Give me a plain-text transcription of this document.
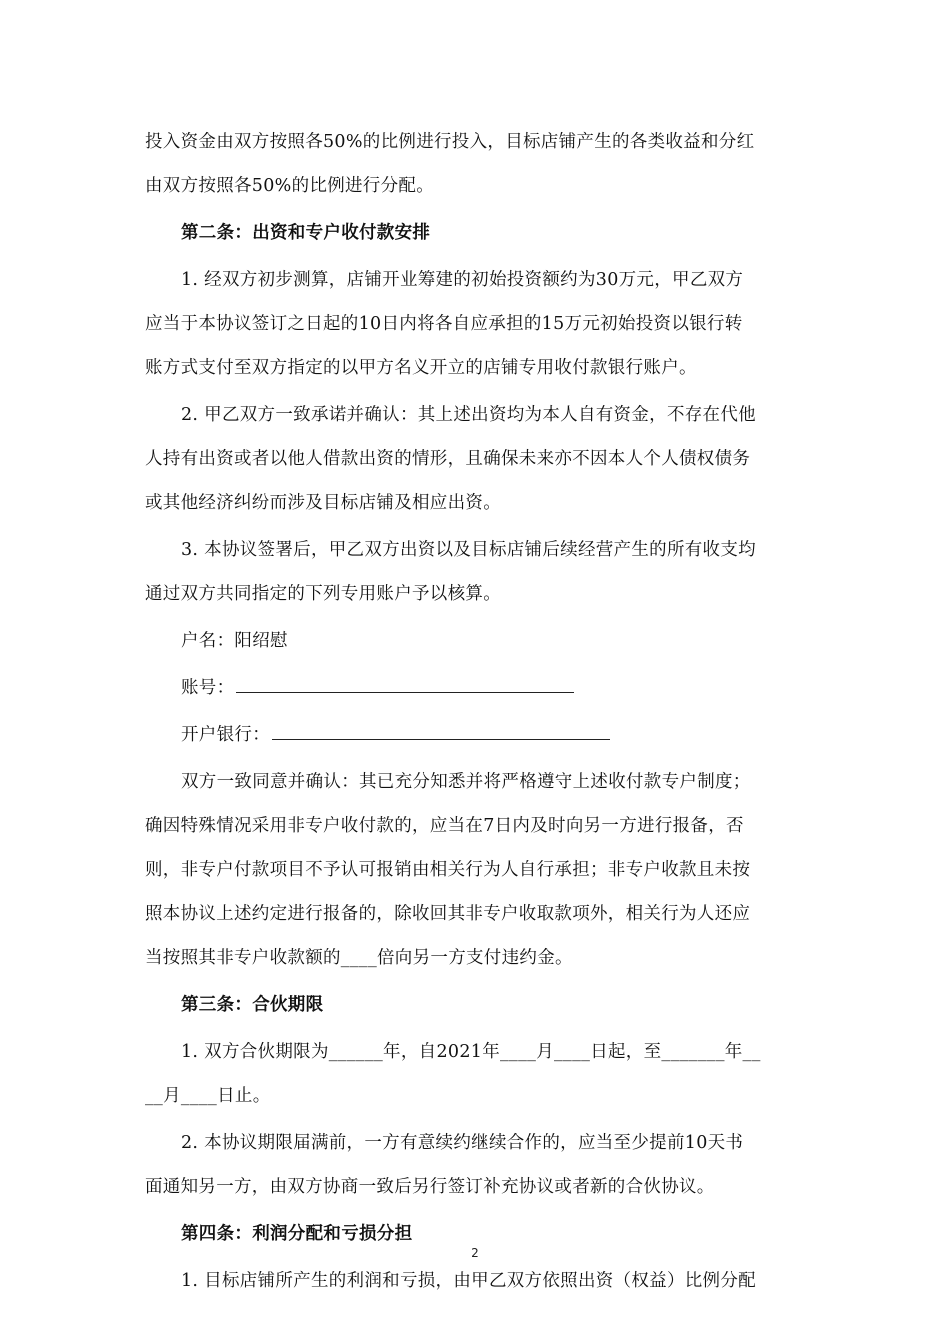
投入资金由双方按照各50%的比例进行投入，目标店铺产生的各类收益和分红
由双方按照各50%的比例进行分配。
第二条：出资和专户收付款安排
1. 经双方初步测算，店铺开业筹建的初始投资额约为30万元，甲乙双方
应当于本协议签订之日起的10日内将各自应承担的15万元初始投资以银行转
账方式支付至双方指定的以甲方名义开立的店铺专用收付款银行账户。
2. 甲乙双方一致承诺并确认：其上述出资均为本人自有资金，不存在代他
人持有出资或者以他人借款出资的情形，且确保未来亦不因本人个人债权债务
或其他经济纠纷而涉及目标店铺及相应出资。
3. 本协议签署后，甲乙双方出资以及目标店铺后续经营产生的所有收支均
通过双方共同指定的下列专用账户予以核算。
户名：阳绍慰
账号：
开户银行：
双方一致同意并确认：其已充分知悉并将严格遵守上述收付款专户制度；
确因特殊情况采用非专户收付款的，应当在7日内及时向另一方进行报备，否
则，非专户付款项目不予认可报销由相关行为人自行承担；非专户收款且未按
照本协议上述约定进行报备的，除收回其非专户收取款项外，相关行为人还应
当按照其非专户收款额的____倍向另一方支付违约金。
第三条：合伙期限
1. 双方合伙期限为______年，自2021年____月____日起，至_______年__
__月____日止。
2. 本协议期限届满前，一方有意续约继续合作的，应当至少提前10天书
面通知另一方，由双方协商一致后另行签订补充协议或者新的合伙协议。
第四条：利润分配和亏损分担
1. 目标店铺所产生的利润和亏损，由甲乙双方依照出资（权益）比例分配
2
